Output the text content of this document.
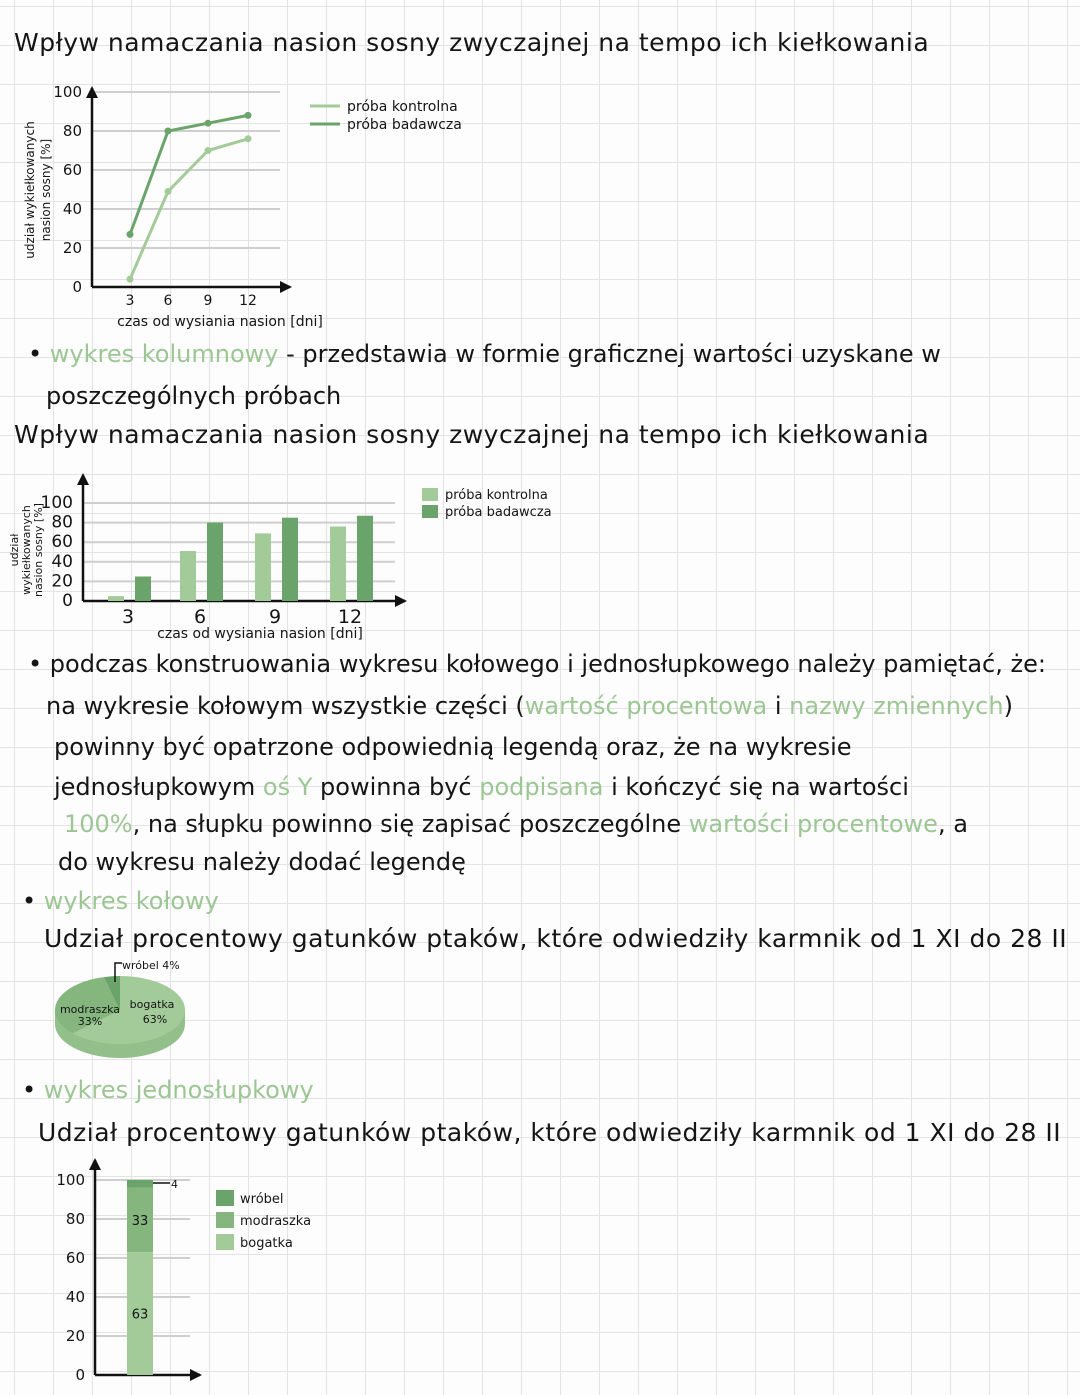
Wpływ namaczania nasion sosny zwyczajnej na tempo ich kiełkowania
0
20
40
60
80
100
3 6 9 12
czas od wysiania nasion [dni]
udział wykiełkowanych nasion sosny [%]
próba kontrolna
próba badawcza
• wykres kolumnowy - przedstawia w formie graficznej wartości uzyskane w
poszczególnych próbach
Wpływ namaczania nasion sosny zwyczajnej na tempo ich kiełkowania
0
20
40
60
80
100	próba kontrolna
próba badawcza
3	6	9	12
czas od wysiania nasion [dni]
udział wykiełkowanych nasion sosny [%]
• podczas konstruowania wykresu kołowego i jednosłupkowego należy pamiętać, że:
na wykresie kołowym wszystkie części (wartość procentowa i nazwy zmiennych)
powinny być opatrzone odpowiednią legendą oraz, że na wykresie
jednosłupkowym oś Y powinna być podpisana i kończyć się na wartości
100%, na słupku powinno się zapisać poszczególne wartości procentowe, a
do wykresu należy dodać legendę
• wykres kołowy
Udział procentowy gatunków ptaków, które odwiedziły karmnik od 1 XI do 28 II
bogatka
63%
modraszka
33%
wróbel 4%
• wykres jednosłupkowy
Udział procentowy gatunków ptaków, które odwiedziły karmnik od 1 XI do 28 II
0
20
40
60
80
100
63
33
4
wróbel
modraszka
bogatka
